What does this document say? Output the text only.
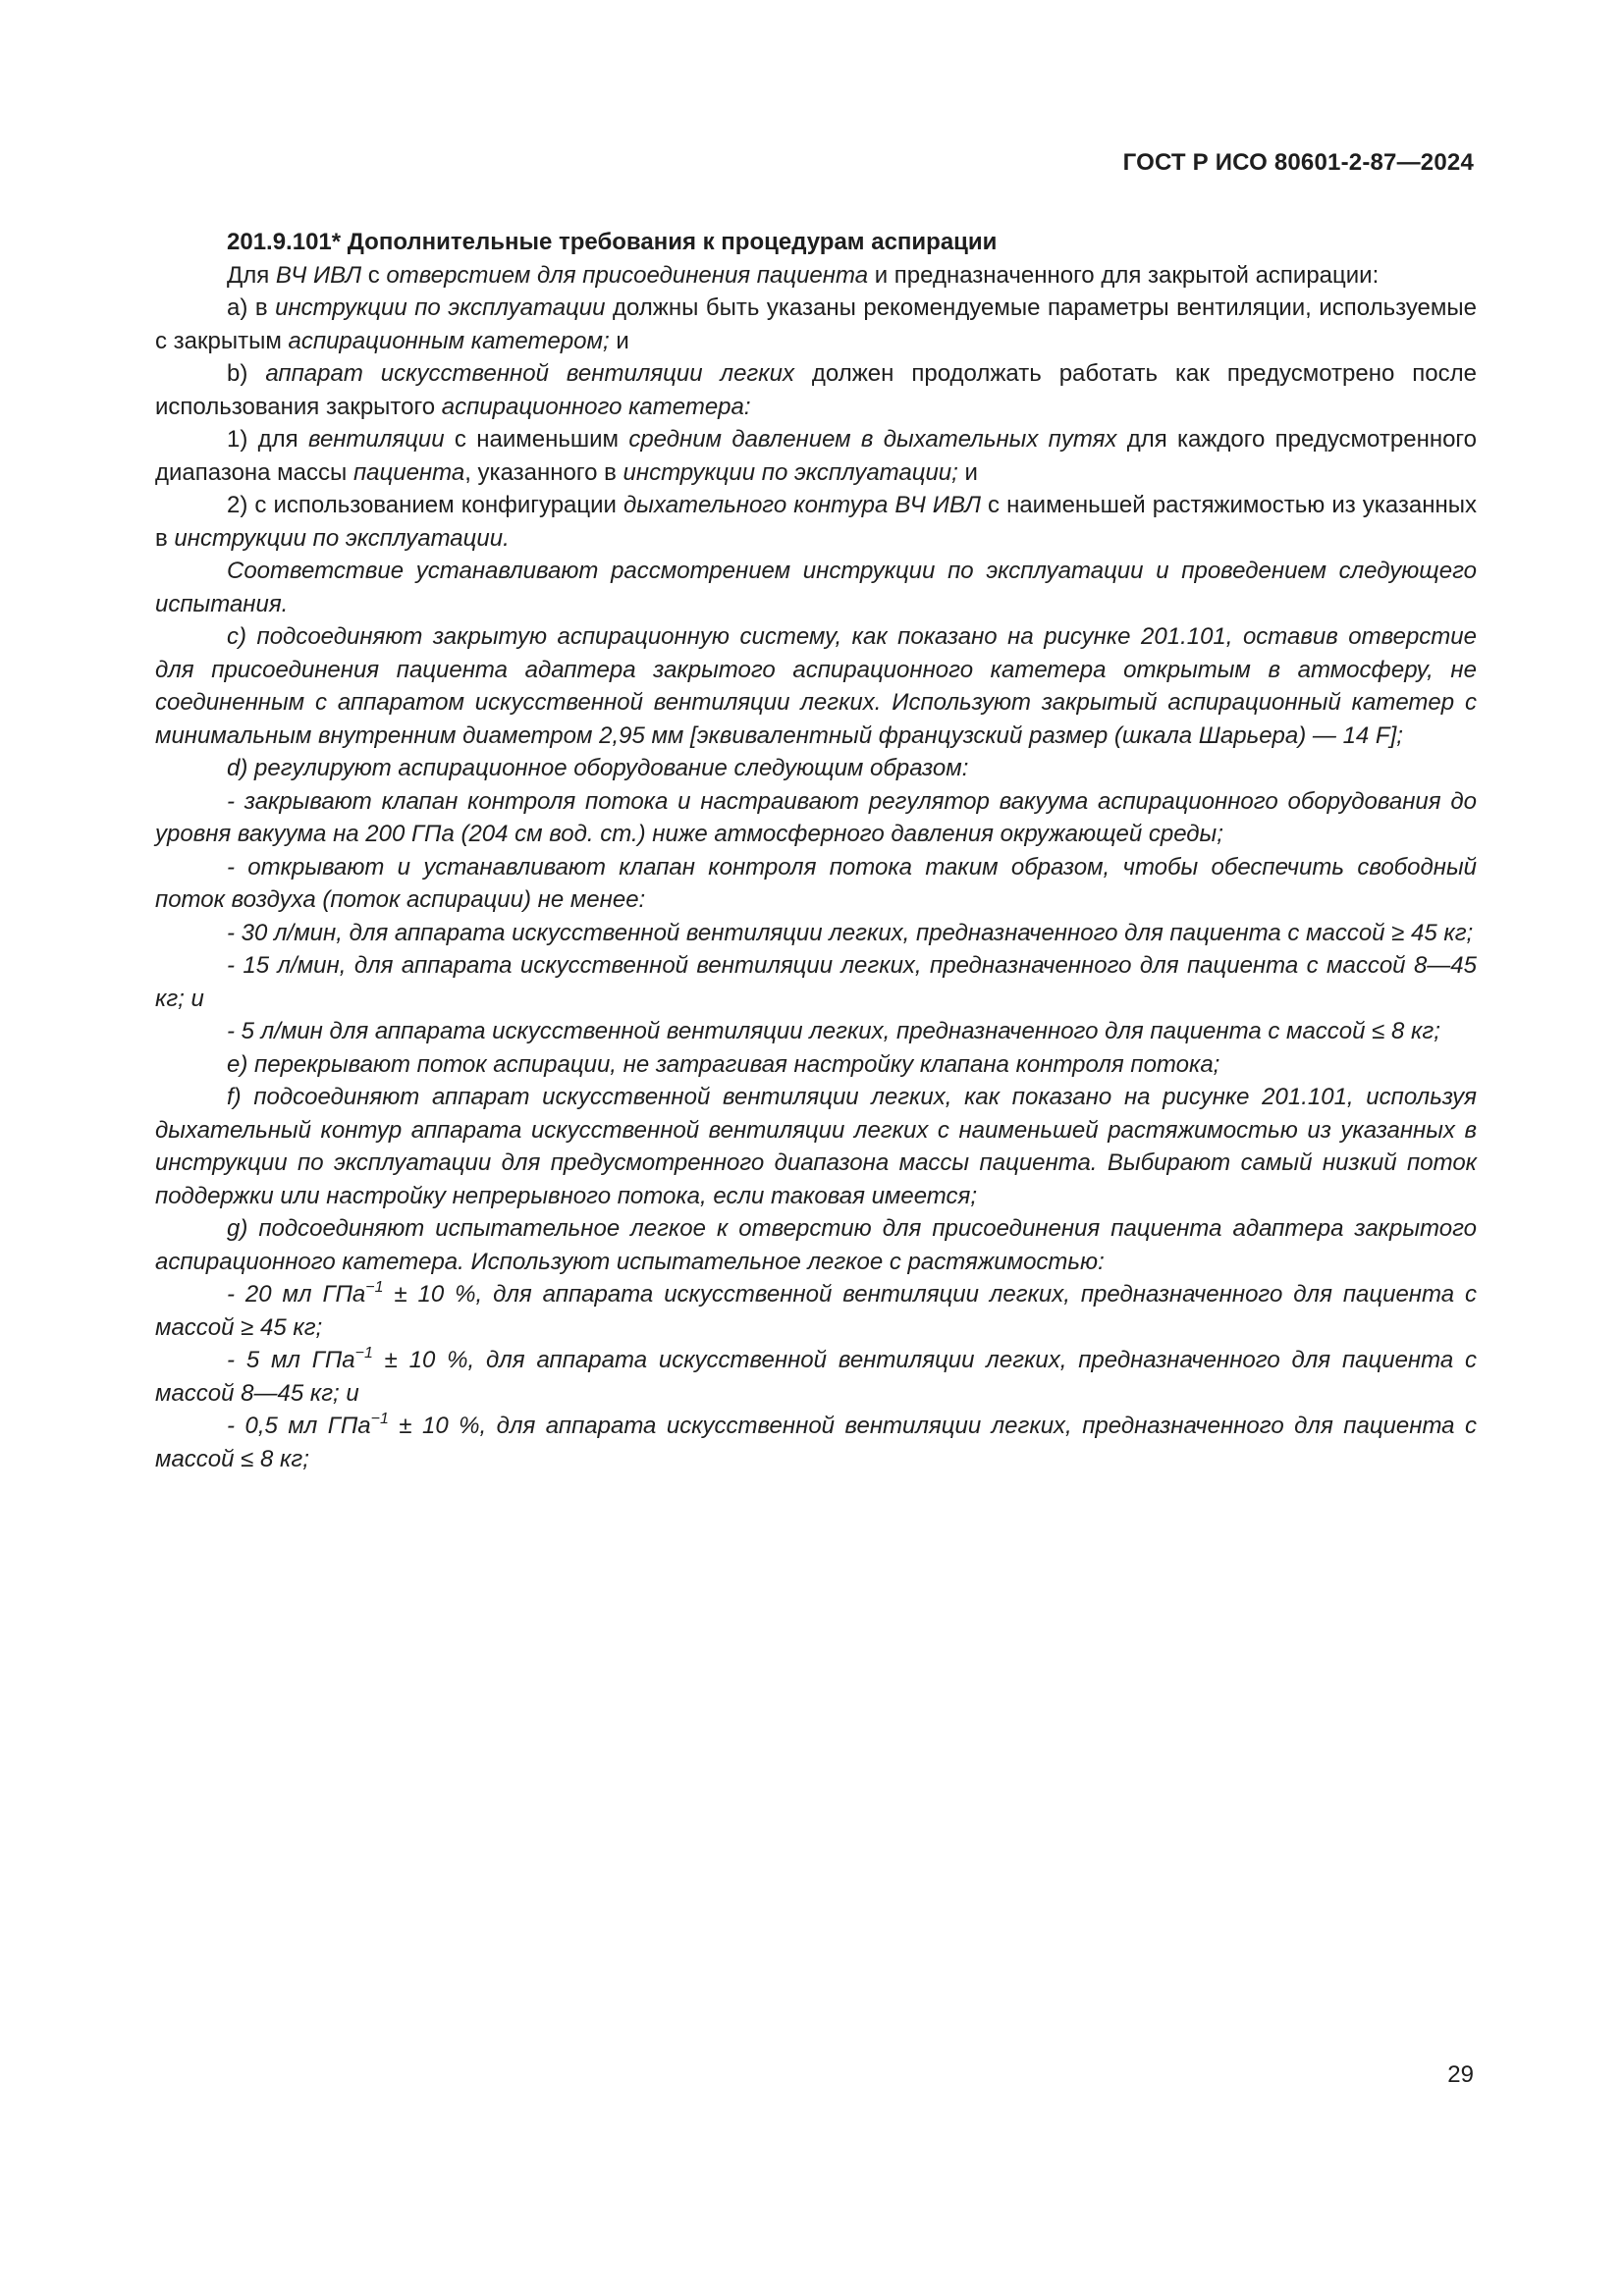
ГОСТ Р ИСО 80601-2-87—2024

201.9.101* Дополнительные требования к процедурам аспирации

Для ВЧ ИВЛ с отверстием для присоединения пациента и предназначенного для закрытой аспирации:

a) в инструкции по эксплуатации должны быть указаны рекомендуемые параметры вентиляции, используемые с закрытым аспирационным катетером; и

b) аппарат искусственной вентиляции легких должен продолжать работать как предусмотрено после использования закрытого аспирационного катетера:

1) для вентиляции с наименьшим средним давлением в дыхательных путях для каждого предусмотренного диапазона массы пациента, указанного в инструкции по эксплуатации; и

2) с использованием конфигурации дыхательного контура ВЧ ИВЛ с наименьшей растяжимостью из указанных в инструкции по эксплуатации.

Соответствие устанавливают рассмотрением инструкции по эксплуатации и проведением следующего испытания.

c) подсоединяют закрытую аспирационную систему, как показано на рисунке 201.101, оставив отверстие для присоединения пациента адаптера закрытого аспирационного катетера открытым в атмосферу, не соединенным с аппаратом искусственной вентиляции легких. Используют закрытый аспирационный катетер с минимальным внутренним диаметром 2,95 мм [эквивалентный французский размер (шкала Шарьера) — 14 F];

d) регулируют аспирационное оборудование следующим образом:

- закрывают клапан контроля потока и настраивают регулятор вакуума аспирационного оборудования до уровня вакуума на 200 ГПа (204 см вод. ст.) ниже атмосферного давления окружающей среды;

- открывают и устанавливают клапан контроля потока таким образом, чтобы обеспечить свободный поток воздуха (поток аспирации) не менее:

- 30 л/мин, для аппарата искусственной вентиляции легких, предназначенного для пациента с массой ≥ 45 кг;

- 15 л/мин, для аппарата искусственной вентиляции легких, предназначенного для пациента с массой 8—45 кг; и

- 5 л/мин для аппарата искусственной вентиляции легких, предназначенного для пациента с массой ≤ 8 кг;

e) перекрывают поток аспирации, не затрагивая настройку клапана контроля потока;

f) подсоединяют аппарат искусственной вентиляции легких, как показано на рисунке 201.101, используя дыхательный контур аппарата искусственной вентиляции легких с наименьшей растяжимостью из указанных в инструкции по эксплуатации для предусмотренного диапазона массы пациента. Выбирают самый низкий поток поддержки или настройку непрерывного потока, если таковая имеется;

g) подсоединяют испытательное легкое к отверстию для присоединения пациента адаптера закрытого аспирационного катетера. Используют испытательное легкое с растяжимостью:

- 20 мл ГПа$^{-1}$ ± 10 %, для аппарата искусственной вентиляции легких, предназначенного для пациента с массой ≥ 45 кг;

- 5 мл ГПа$^{-1}$ ± 10 %, для аппарата искусственной вентиляции легких, предназначенного для пациента с массой 8—45 кг; и

- 0,5 мл ГПа$^{-1}$ ± 10 %, для аппарата искусственной вентиляции легких, предназначенного для пациента с массой ≤ 8 кг;

29
